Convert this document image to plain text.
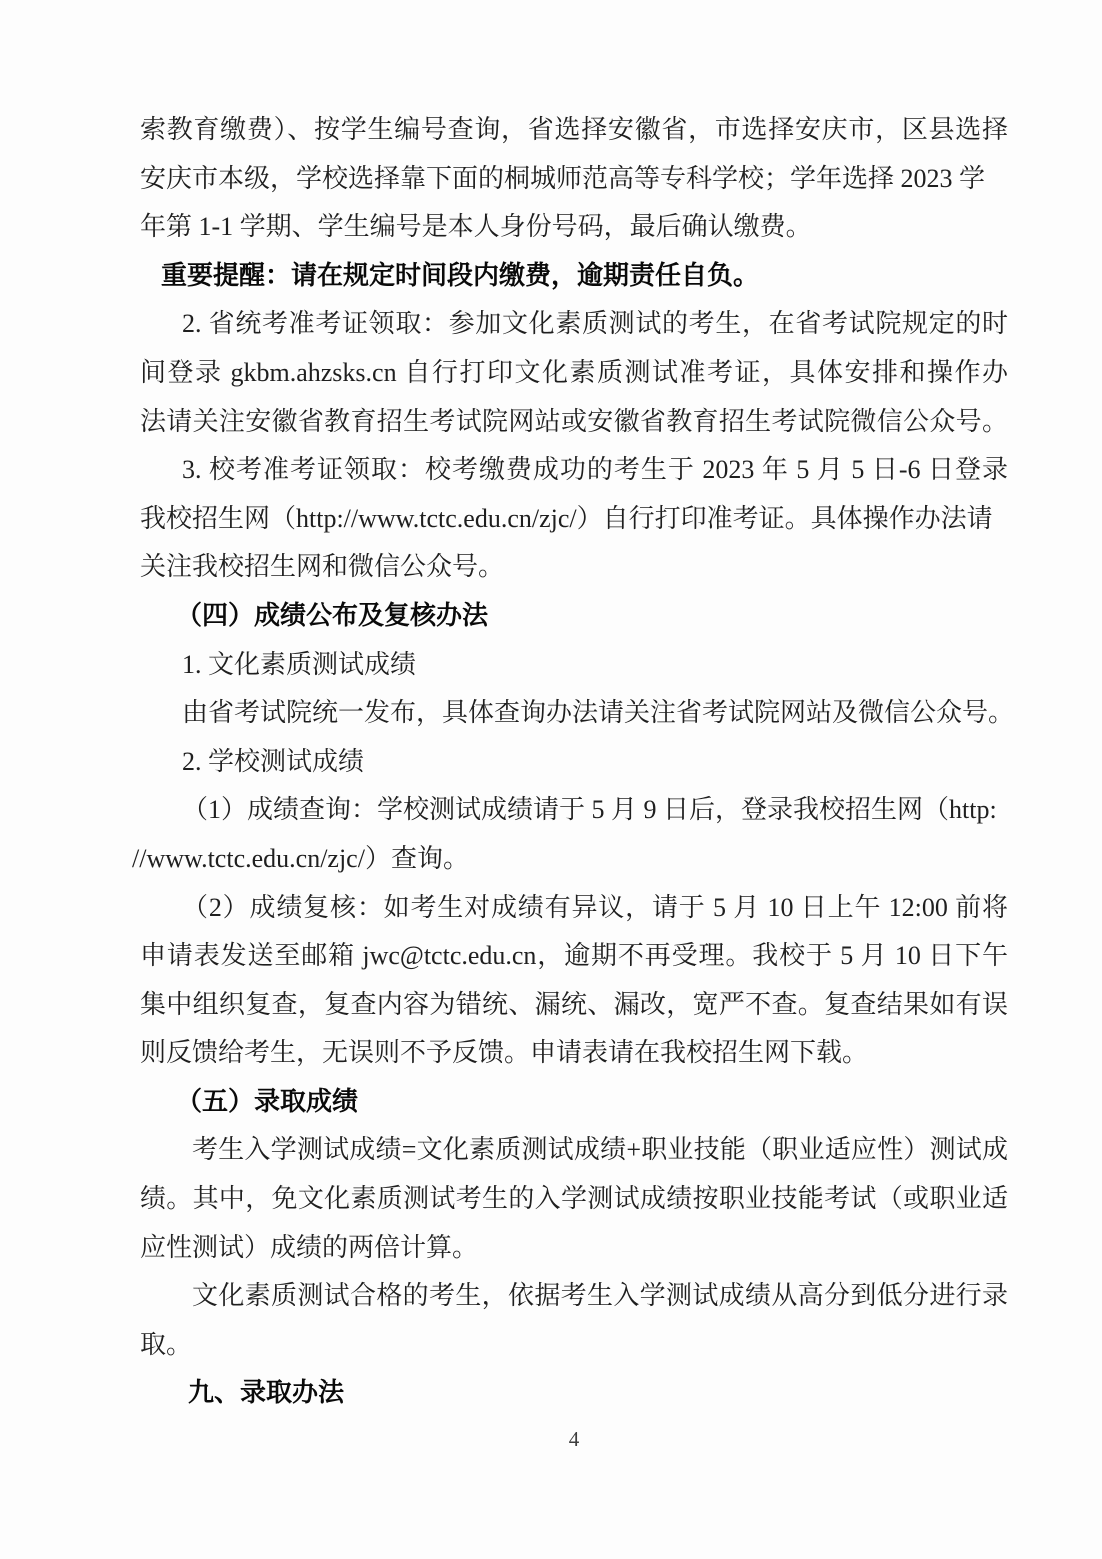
索教育缴费）、按学生编号查询，省选择安徽省，市选择安庆市，区县选择
安庆市本级，学校选择靠下面的桐城师范高等专科学校；学年选择 2023 学
年第 1-1 学期、学生编号是本人身份号码，最后确认缴费。
重要提醒：请在规定时间段内缴费，逾期责任自负。
2. 省统考准考证领取：参加文化素质测试的考生，在省考试院规定的时
间登录 gkbm.ahzsks.cn 自行打印文化素质测试准考证，具体安排和操作办
法请关注安徽省教育招生考试院网站或安徽省教育招生考试院微信公众号。
3. 校考准考证领取：校考缴费成功的考生于 2023 年 5 月 5 日-6 日登录
我校招生网（http://www.tctc.edu.cn/zjc/）自行打印准考证。具体操作办法请
关注我校招生网和微信公众号。
（四）成绩公布及复核办法
1. 文化素质测试成绩
由省考试院统一发布，具体查询办法请关注省考试院网站及微信公众号。
2. 学校测试成绩
（1）成绩查询：学校测试成绩请于 5 月 9 日后，登录我校招生网（http:
//www.tctc.edu.cn/zjc/）查询。
（2）成绩复核：如考生对成绩有异议，请于 5 月 10 日上午 12:00 前将
申请表发送至邮箱 jwc@tctc.edu.cn，逾期不再受理。我校于 5 月 10 日下午
集中组织复查，复查内容为错统、漏统、漏改，宽严不查。复查结果如有误
则反馈给考生，无误则不予反馈。申请表请在我校招生网下载。
（五）录取成绩
考生入学测试成绩=文化素质测试成绩+职业技能（职业适应性）测试成
绩。其中，免文化素质测试考生的入学测试成绩按职业技能考试（或职业适
应性测试）成绩的两倍计算。
文化素质测试合格的考生，依据考生入学测试成绩从高分到低分进行录
取。
九、录取办法
4
